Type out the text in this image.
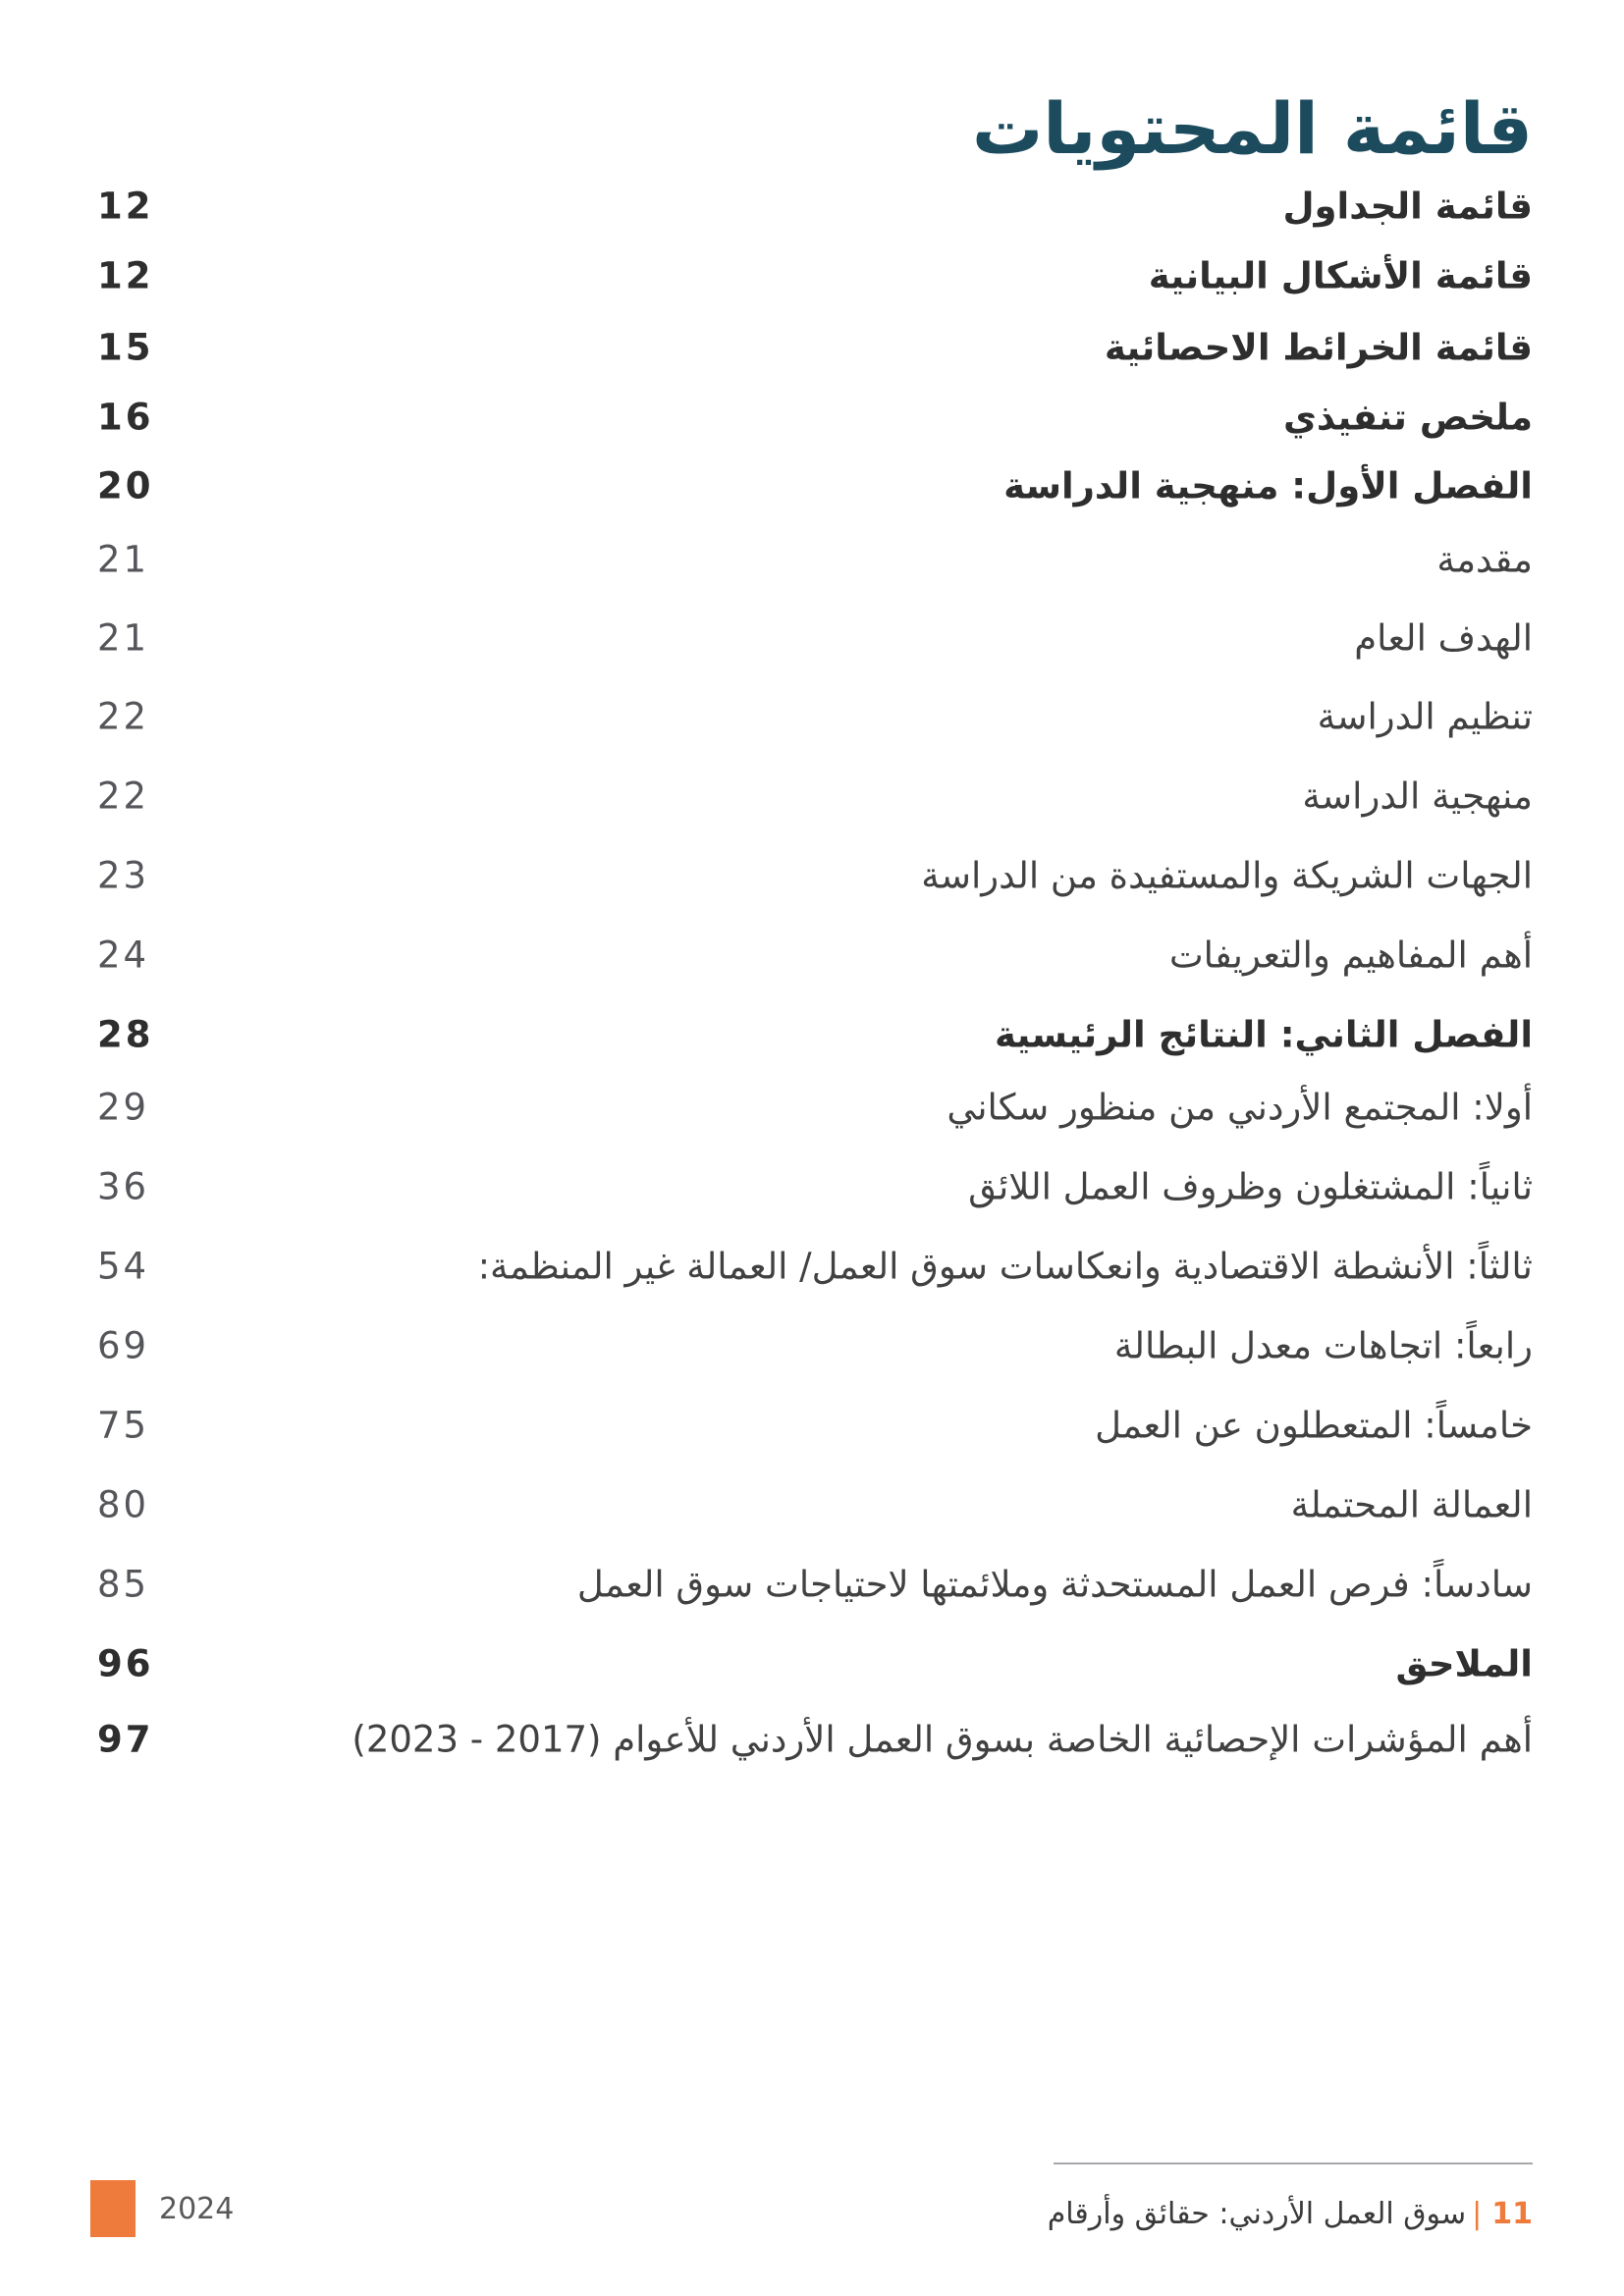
قائمة المحتويات
قائمة الجداول
12
قائمة الأشكال البيانية
12
قائمة الخرائط الاحصائية
15
ملخص تنفيذي
16
الفصل الأول: منهجية الدراسة
20
مقدمة
21
الهدف العام
21
تنظيم الدراسة
22
منهجية الدراسة
22
الجهات الشريكة والمستفيدة من الدراسة
23
أهم المفاهيم والتعريفات
24
الفصل الثاني: النتائج الرئيسية
28
أولا: المجتمع الأردني من منظور سكاني
29
ثانياً: المشتغلون وظروف العمل اللائق
36
ثالثاً: الأنشطة الاقتصادية وانعكاسات سوق العمل/ العمالة غير المنظمة:
54
رابعاً: اتجاهات معدل البطالة
69
خامساً: المتعطلون عن العمل
75
العمالة المحتملة
80
سادساً: فرص العمل المستحدثة وملائمتها لاحتياجات سوق العمل
85
الملاحق
96
أهم المؤشرات الإحصائية الخاصة بسوق العمل الأردني للأعوام (2017 - 2023)
97
2024	11|سوق العمل الأردني: حقائق وأرقام
